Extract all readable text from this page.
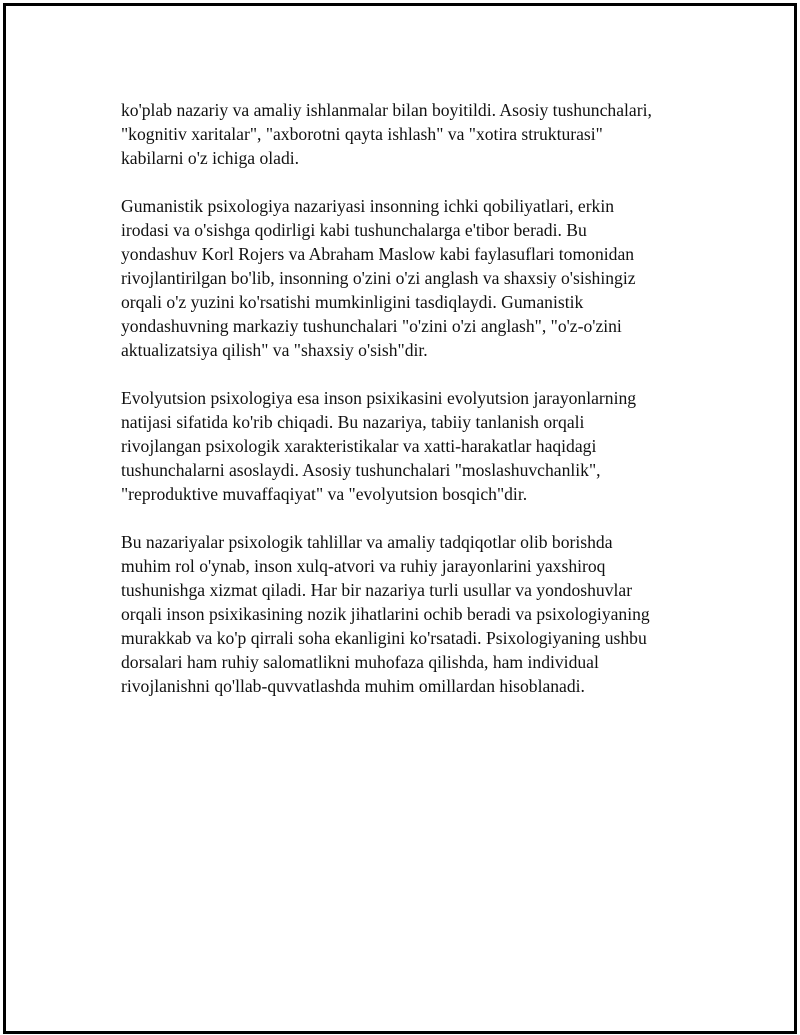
ko'plab nazariy va amaliy ishlanmalar bilan boyitildi. Asosiy tushunchalari,
"kognitiv xaritalar", "axborotni qayta ishlash" va "xotira strukturasi"
kabilarni o'z ichiga oladi.

Gumanistik psixologiya nazariyasi insonning ichki qobiliyatlari, erkin
irodasi va o'sishga qodirligi kabi tushunchalarga e'tibor beradi. Bu
yondashuv Korl Rojers va Abraham Maslow kabi faylasuflari tomonidan
rivojlantirilgan bo'lib, insonning o'zini o'zi anglash va shaxsiy o'sishingiz
orqali o'z yuzini ko'rsatishi mumkinligini tasdiqlaydi. Gumanistik
yondashuvning markaziy tushunchalari "o'zini o'zi anglash", "o'z-o'zini
aktualizatsiya qilish" va "shaxsiy o'sish"dir.

Evolyutsion psixologiya esa inson psixikasini evolyutsion jarayonlarning
natijasi sifatida ko'rib chiqadi. Bu nazariya, tabiiy tanlanish orqali
rivojlangan psixologik xarakteristikalar va xatti-harakatlar haqidagi
tushunchalarni asoslaydi. Asosiy tushunchalari "moslashuvchanlik",
"reproduktive muvaffaqiyat" va "evolyutsion bosqich"dir.

Bu nazariyalar psixologik tahlillar va amaliy tadqiqotlar olib borishda
muhim rol o'ynab, inson xulq-atvori va ruhiy jarayonlarini yaxshiroq
tushunishga xizmat qiladi. Har bir nazariya turli usullar va yondoshuvlar
orqali inson psixikasining nozik jihatlarini ochib beradi va psixologiyaning
murakkab va ko'p qirrali soha ekanligini ko'rsatadi. Psixologiyaning ushbu
dorsalari ham ruhiy salomatlikni muhofaza qilishda, ham individual
rivojlanishni qo'llab-quvvatlashda muhim omillardan hisoblanadi.
